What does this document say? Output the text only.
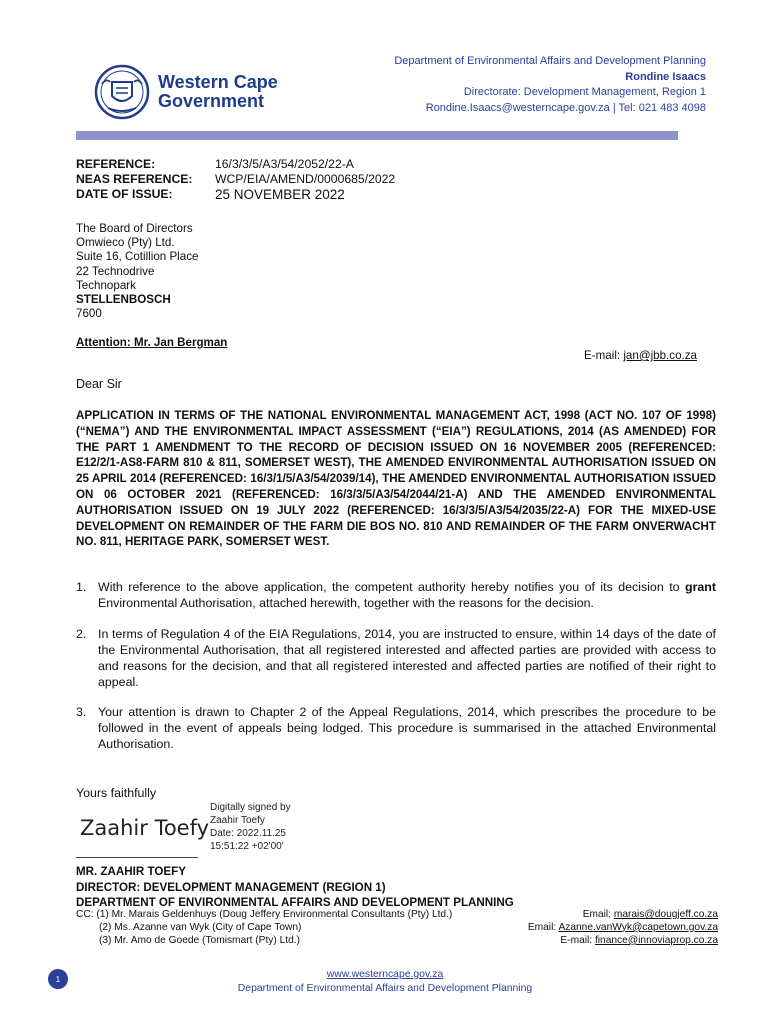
Western Cape
Government
Department of Environmental Affairs and Development Planning
Rondine Isaacs
Directorate: Development Management, Region 1
Rondine.Isaacs@westerncape.gov.za | Tel: 021 483 4098
REFERENCE:	16/3/3/5/A3/54/2052/22-A
NEAS REFERENCE:	WCP/EIA/AMEND/0000685/2022
DATE OF ISSUE:	25 NOVEMBER 2022
The Board of Directors
Omwieco (Pty) Ltd.
Suite 16, Cotillion Place
22 Technodrive
Technopark
STELLENBOSCH
7600
Attention: Mr. Jan Bergman
E-mail: jan@jbb.co.za
Dear Sir
APPLICATION IN TERMS OF THE NATIONAL ENVIRONMENTAL MANAGEMENT ACT, 1998 (ACT NO. 107 OF 1998) (“NEMA”) AND THE ENVIRONMENTAL IMPACT ASSESSMENT (“EIA”) REGULATIONS, 2014 (AS AMENDED) FOR THE PART 1 AMENDMENT TO THE RECORD OF DECISION ISSUED ON 16 NOVEMBER 2005 (REFERENCED: E12/2/1-AS8-FARM 810 & 811, SOMERSET WEST), THE AMENDED ENVIRONMENTAL AUTHORISATION ISSUED ON 25 APRIL 2014 (REFERENCED: 16/3/1/5/A3/54/2039/14), THE AMENDED ENVIRONMENTAL AUTHORISATION ISSUED ON 06 OCTOBER 2021 (REFERENCED: 16/3/3/5/A3/54/2044/21-A) AND THE AMENDED ENVIRONMENTAL AUTHORISATION ISSUED ON 19 JULY 2022 (REFERENCED: 16/3/3/5/A3/54/2035/22-A) FOR THE MIXED-USE DEVELOPMENT ON REMAINDER OF THE FARM DIE BOS NO. 810 AND REMAINDER OF THE FARM ONVERWACHT NO. 811, HERITAGE PARK, SOMERSET WEST.
1. With reference to the above application, the competent authority hereby notifies you of its decision to grant Environmental Authorisation, attached herewith, together with the reasons for the decision.
2. In terms of Regulation 4 of the EIA Regulations, 2014, you are instructed to ensure, within 14 days of the date of the Environmental Authorisation, that all registered interested and affected parties are provided with access to and reasons for the decision, and that all registered interested and affected parties are notified of their right to appeal.
3. Your attention is drawn to Chapter 2 of the Appeal Regulations, 2014, which prescribes the procedure to be followed in the event of appeals being lodged. This procedure is summarised in the attached Environmental Authorisation.
Yours faithfully
Zaahir Toefy
Digitally signed by
Zaahir Toefy
Date: 2022.11.25
15:51:22 +02'00'
MR. ZAAHIR TOEFY
DIRECTOR: DEVELOPMENT MANAGEMENT (REGION 1)
DEPARTMENT OF ENVIRONMENTAL AFFAIRS AND DEVELOPMENT PLANNING
CC: (1) Mr. Marais Geldenhuys (Doug Jeffery Environmental Consultants (Pty) Ltd.)	Email: marais@dougjeff.co.za
(2) Ms. Azanne van Wyk (City of Cape Town)	Email: Azanne.vanWyk@capetown.gov.za
(3) Mr. Amo de Goede (Tomismart (Pty) Ltd.)	E-mail: finance@innoviaprop.co.za
1	www.westerncape.gov.za
Department of Environmental Affairs and Development Planning
